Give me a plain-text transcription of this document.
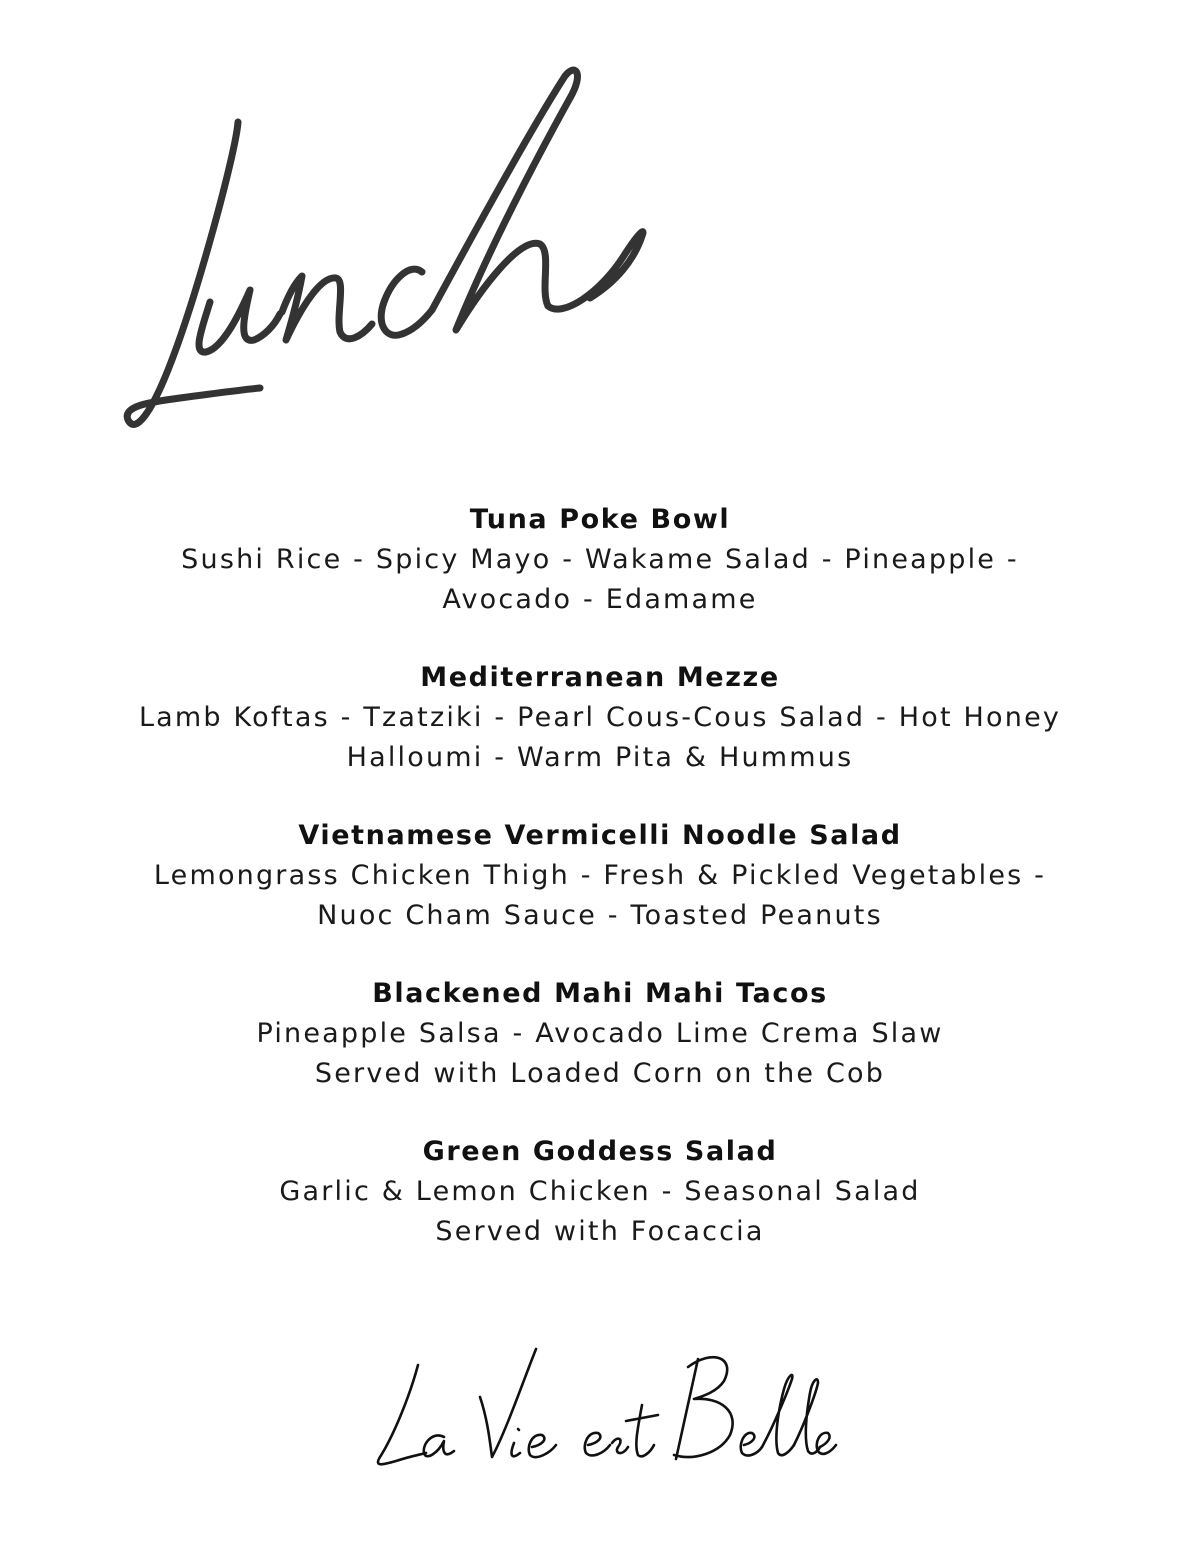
Tuna Poke Bowl
Sushi Rice - Spicy Mayo - Wakame Salad - Pineapple -
Avocado - Edamame
Mediterranean Mezze
Lamb Koftas - Tzatziki - Pearl Cous-Cous Salad - Hot Honey
Halloumi - Warm Pita & Hummus
Vietnamese Vermicelli Noodle Salad
Lemongrass Chicken Thigh - Fresh & Pickled Vegetables -
Nuoc Cham Sauce - Toasted Peanuts
Blackened Mahi Mahi Tacos
Pineapple Salsa - Avocado Lime Crema Slaw
Served with Loaded Corn on the Cob
Green Goddess Salad
Garlic & Lemon Chicken - Seasonal Salad
Served with Focaccia
